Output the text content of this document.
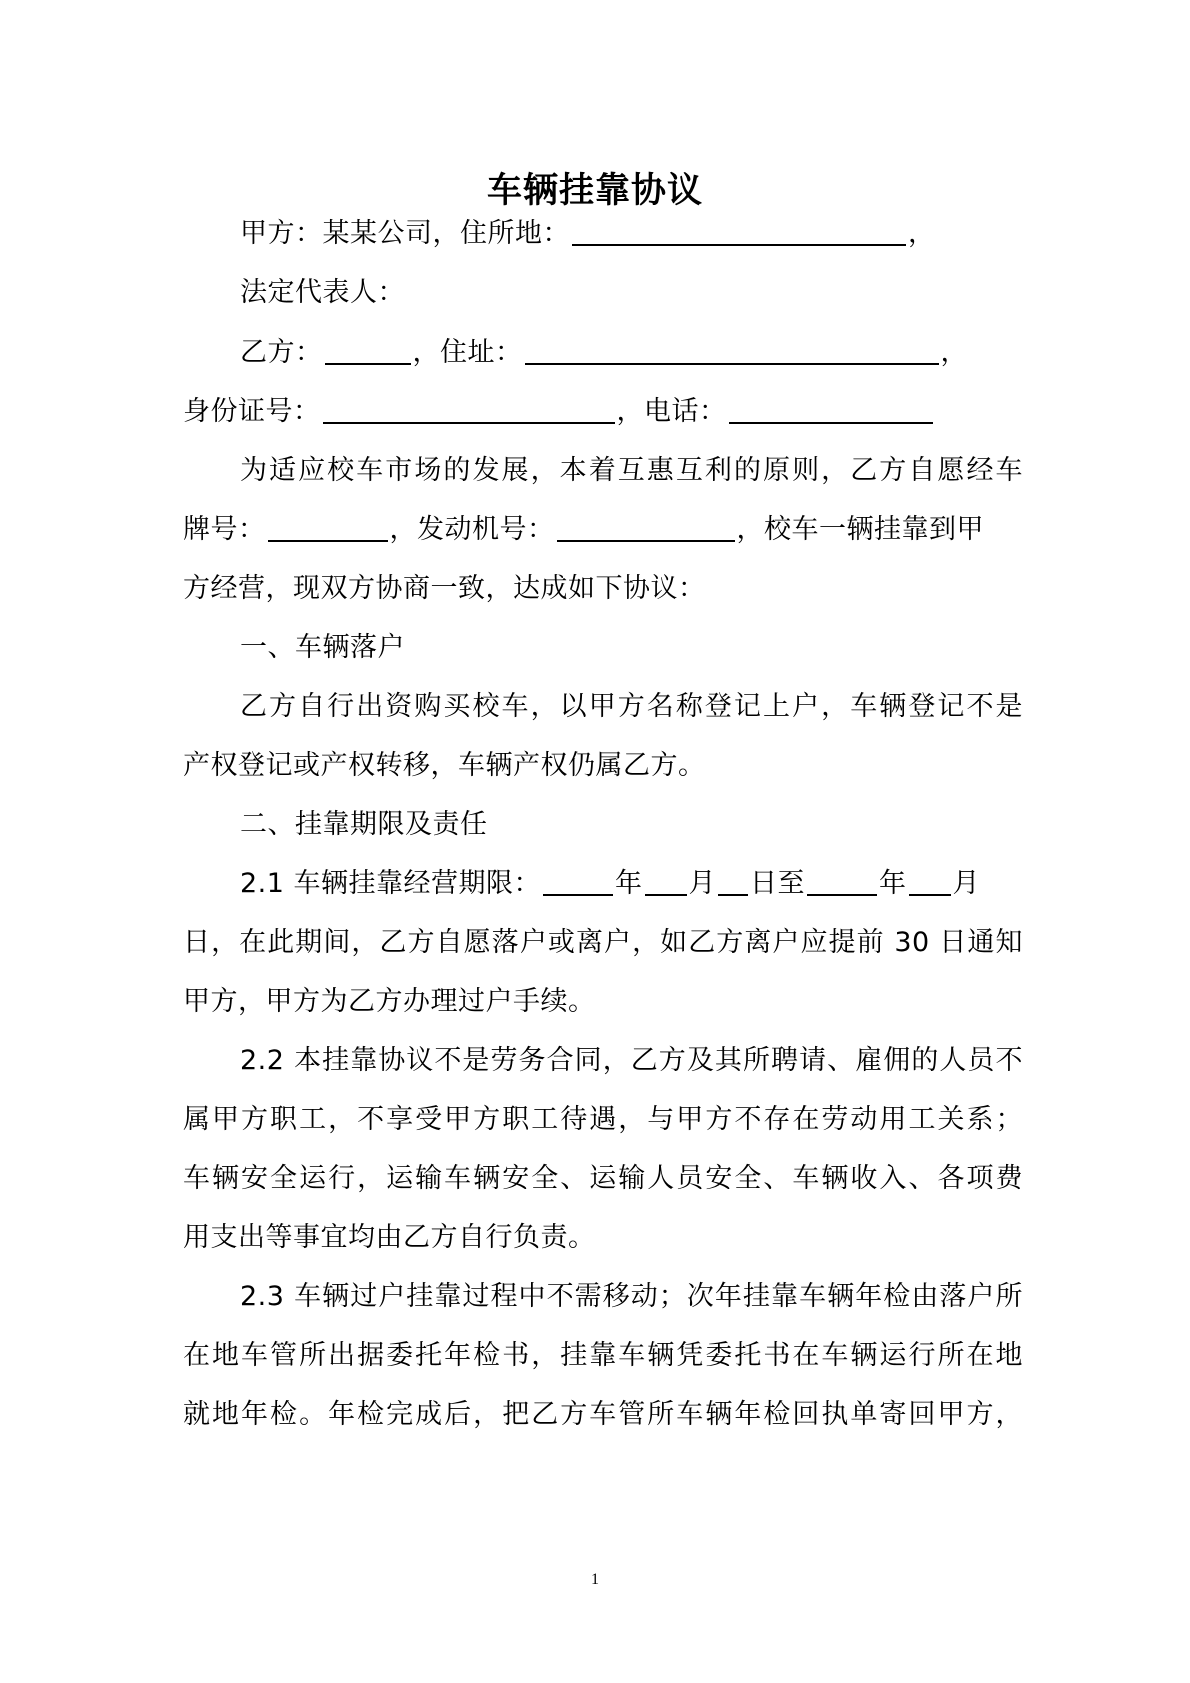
车辆挂靠协议
甲方：某某公司，住所地：	，
法定代表人：
乙方：	，住址：	，
身份证号：	，电话：
为适应校车市场的发展，本着互惠互利的原则，乙方自愿经车
牌号：	，发动机号：	，校车一辆挂靠到甲
方经营，现双方协商一致，达成如下协议：
一、车辆落户
乙方自行出资购买校车，以甲方名称登记上户，车辆登记不是
产权登记或产权转移，车辆产权仍属乙方。
二、挂靠期限及责任
2.1 车辆挂靠经营期限：	年 月 日至	年 月
日，在此期间，乙方自愿落户或离户，如乙方离户应提前 30 日通知
甲方，甲方为乙方办理过户手续。
2.2 本挂靠协议不是劳务合同，乙方及其所聘请、雇佣的人员不
属甲方职工，不享受甲方职工待遇，与甲方不存在劳动用工关系；
车辆安全运行，运输车辆安全、运输人员安全、车辆收入、各项费
用支出等事宜均由乙方自行负责。
2.3 车辆过户挂靠过程中不需移动；次年挂靠车辆年检由落户所
在地车管所出据委托年检书，挂靠车辆凭委托书在车辆运行所在地
就地年检。年检完成后，把乙方车管所车辆年检回执单寄回甲方，
1
